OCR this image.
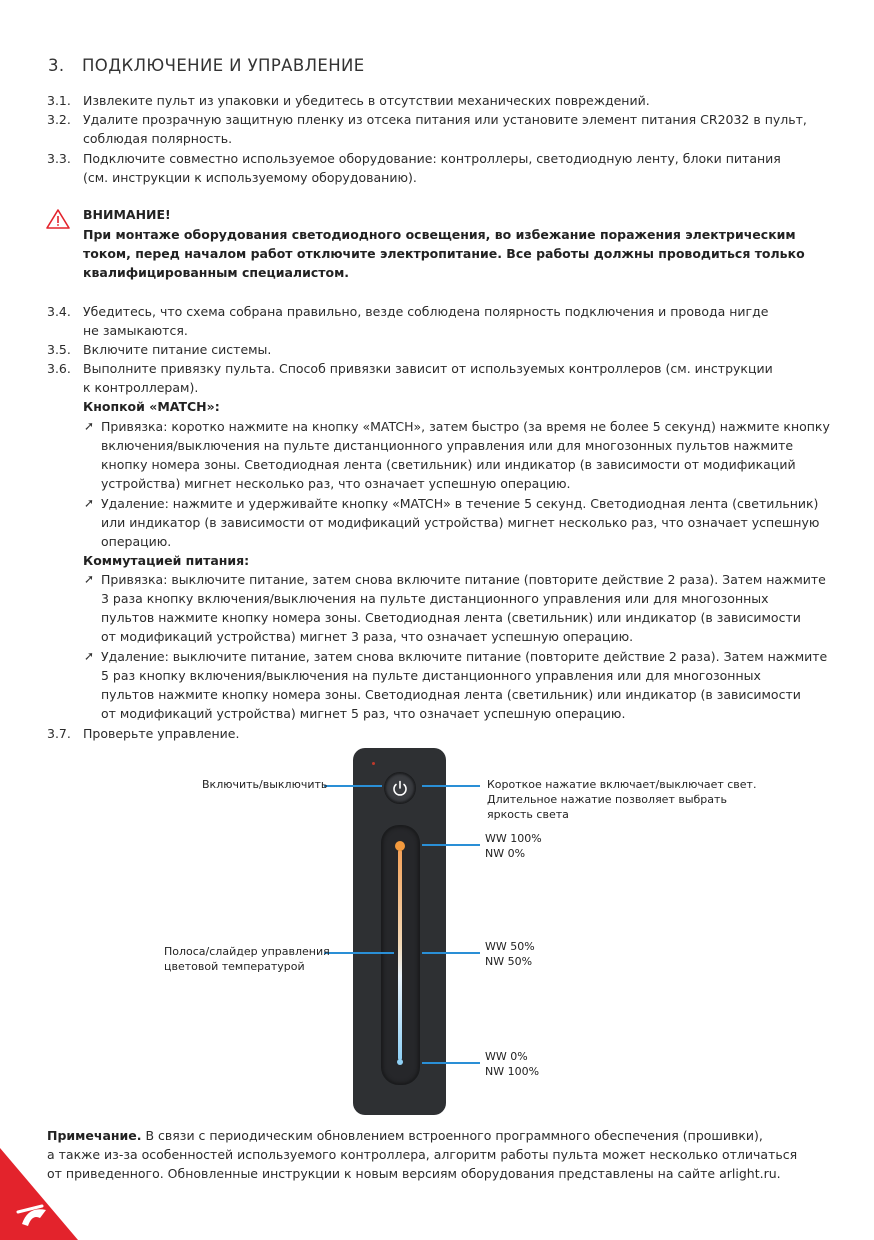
3. ПОДКЛЮЧЕНИЕ И УПРАВЛЕНИЕ
3.1. Извлеките пульт из упаковки и убедитесь в отсутствии механических повреждений.
3.2. Удалите прозрачную защитную пленку из отсека питания или установите элемент питания CR2032 в пульт,
соблюдая полярность.
3.3. Подключите совместно используемое оборудование: контроллеры, светодиодную ленту, блоки питания
(см. инструкции к используемому оборудованию).
ВНИМАНИЕ!
При монтаже оборудования светодиодного освещения, во избежание поражения электрическим
током, перед началом работ отключите электропитание. Все работы должны проводиться только
квалифицированным специалистом.
3.4. Убедитесь, что схема собрана правильно, везде соблюдена полярность подключения и провода нигде
не замыкаются.
3.5. Включите питание системы.
3.6. Выполните привязку пульта. Способ привязки зависит от используемых контроллеров (см. инструкции
к контроллерам).
Кнопкой «MATCH»:
➚ Привязка: коротко нажмите на кнопку «MATCH», затем быстро (за время не более 5 секунд) нажмите кнопку
включения/выключения на пульте дистанционного управления или для многозонных пультов нажмите
кнопку номера зоны. Светодиодная лента (светильник) или индикатор (в зависимости от модификаций
устройства) мигнет несколько раз, что означает успешную операцию.
➚ Удаление: нажмите и удерживайте кнопку «MATCH» в течение 5 секунд. Светодиодная лента (светильник)
или индикатор (в зависимости от модификаций устройства) мигнет несколько раз, что означает успешную
операцию.
Коммутацией питания:
➚ Привязка: выключите питание, затем снова включите питание (повторите действие 2 раза). Затем нажмите
3 раза кнопку включения/выключения на пульте дистанционного управления или для многозонных
пультов нажмите кнопку номера зоны. Светодиодная лента (светильник) или индикатор (в зависимости
от модификаций устройства) мигнет 3 раза, что означает успешную операцию.
➚ Удаление: выключите питание, затем снова включите питание (повторите действие 2 раза). Затем нажмите
5 раз кнопку включения/выключения на пульте дистанционного управления или для многозонных
пультов нажмите кнопку номера зоны. Светодиодная лента (светильник) или индикатор (в зависимости
от модификаций устройства) мигнет 5 раз, что означает успешную операцию.
3.7. Проверьте управление.
Включить/выключить
Полоса/слайдер управления
цветовой температурой
Короткое нажатие включает/выключает свет.
Длительное нажатие позволяет выбрать
яркость света
WW 100%
NW 0%
WW 50%
NW 50%
WW 0%
NW 100%
Примечание. В связи с периодическим обновлением встроенного программного обеспечения (прошивки),
а также из-за особенностей используемого контроллера, алгоритм работы пульта может несколько отличаться
от приведенного. Обновленные инструкции к новым версиям оборудования представлены на сайте arlight.ru.
